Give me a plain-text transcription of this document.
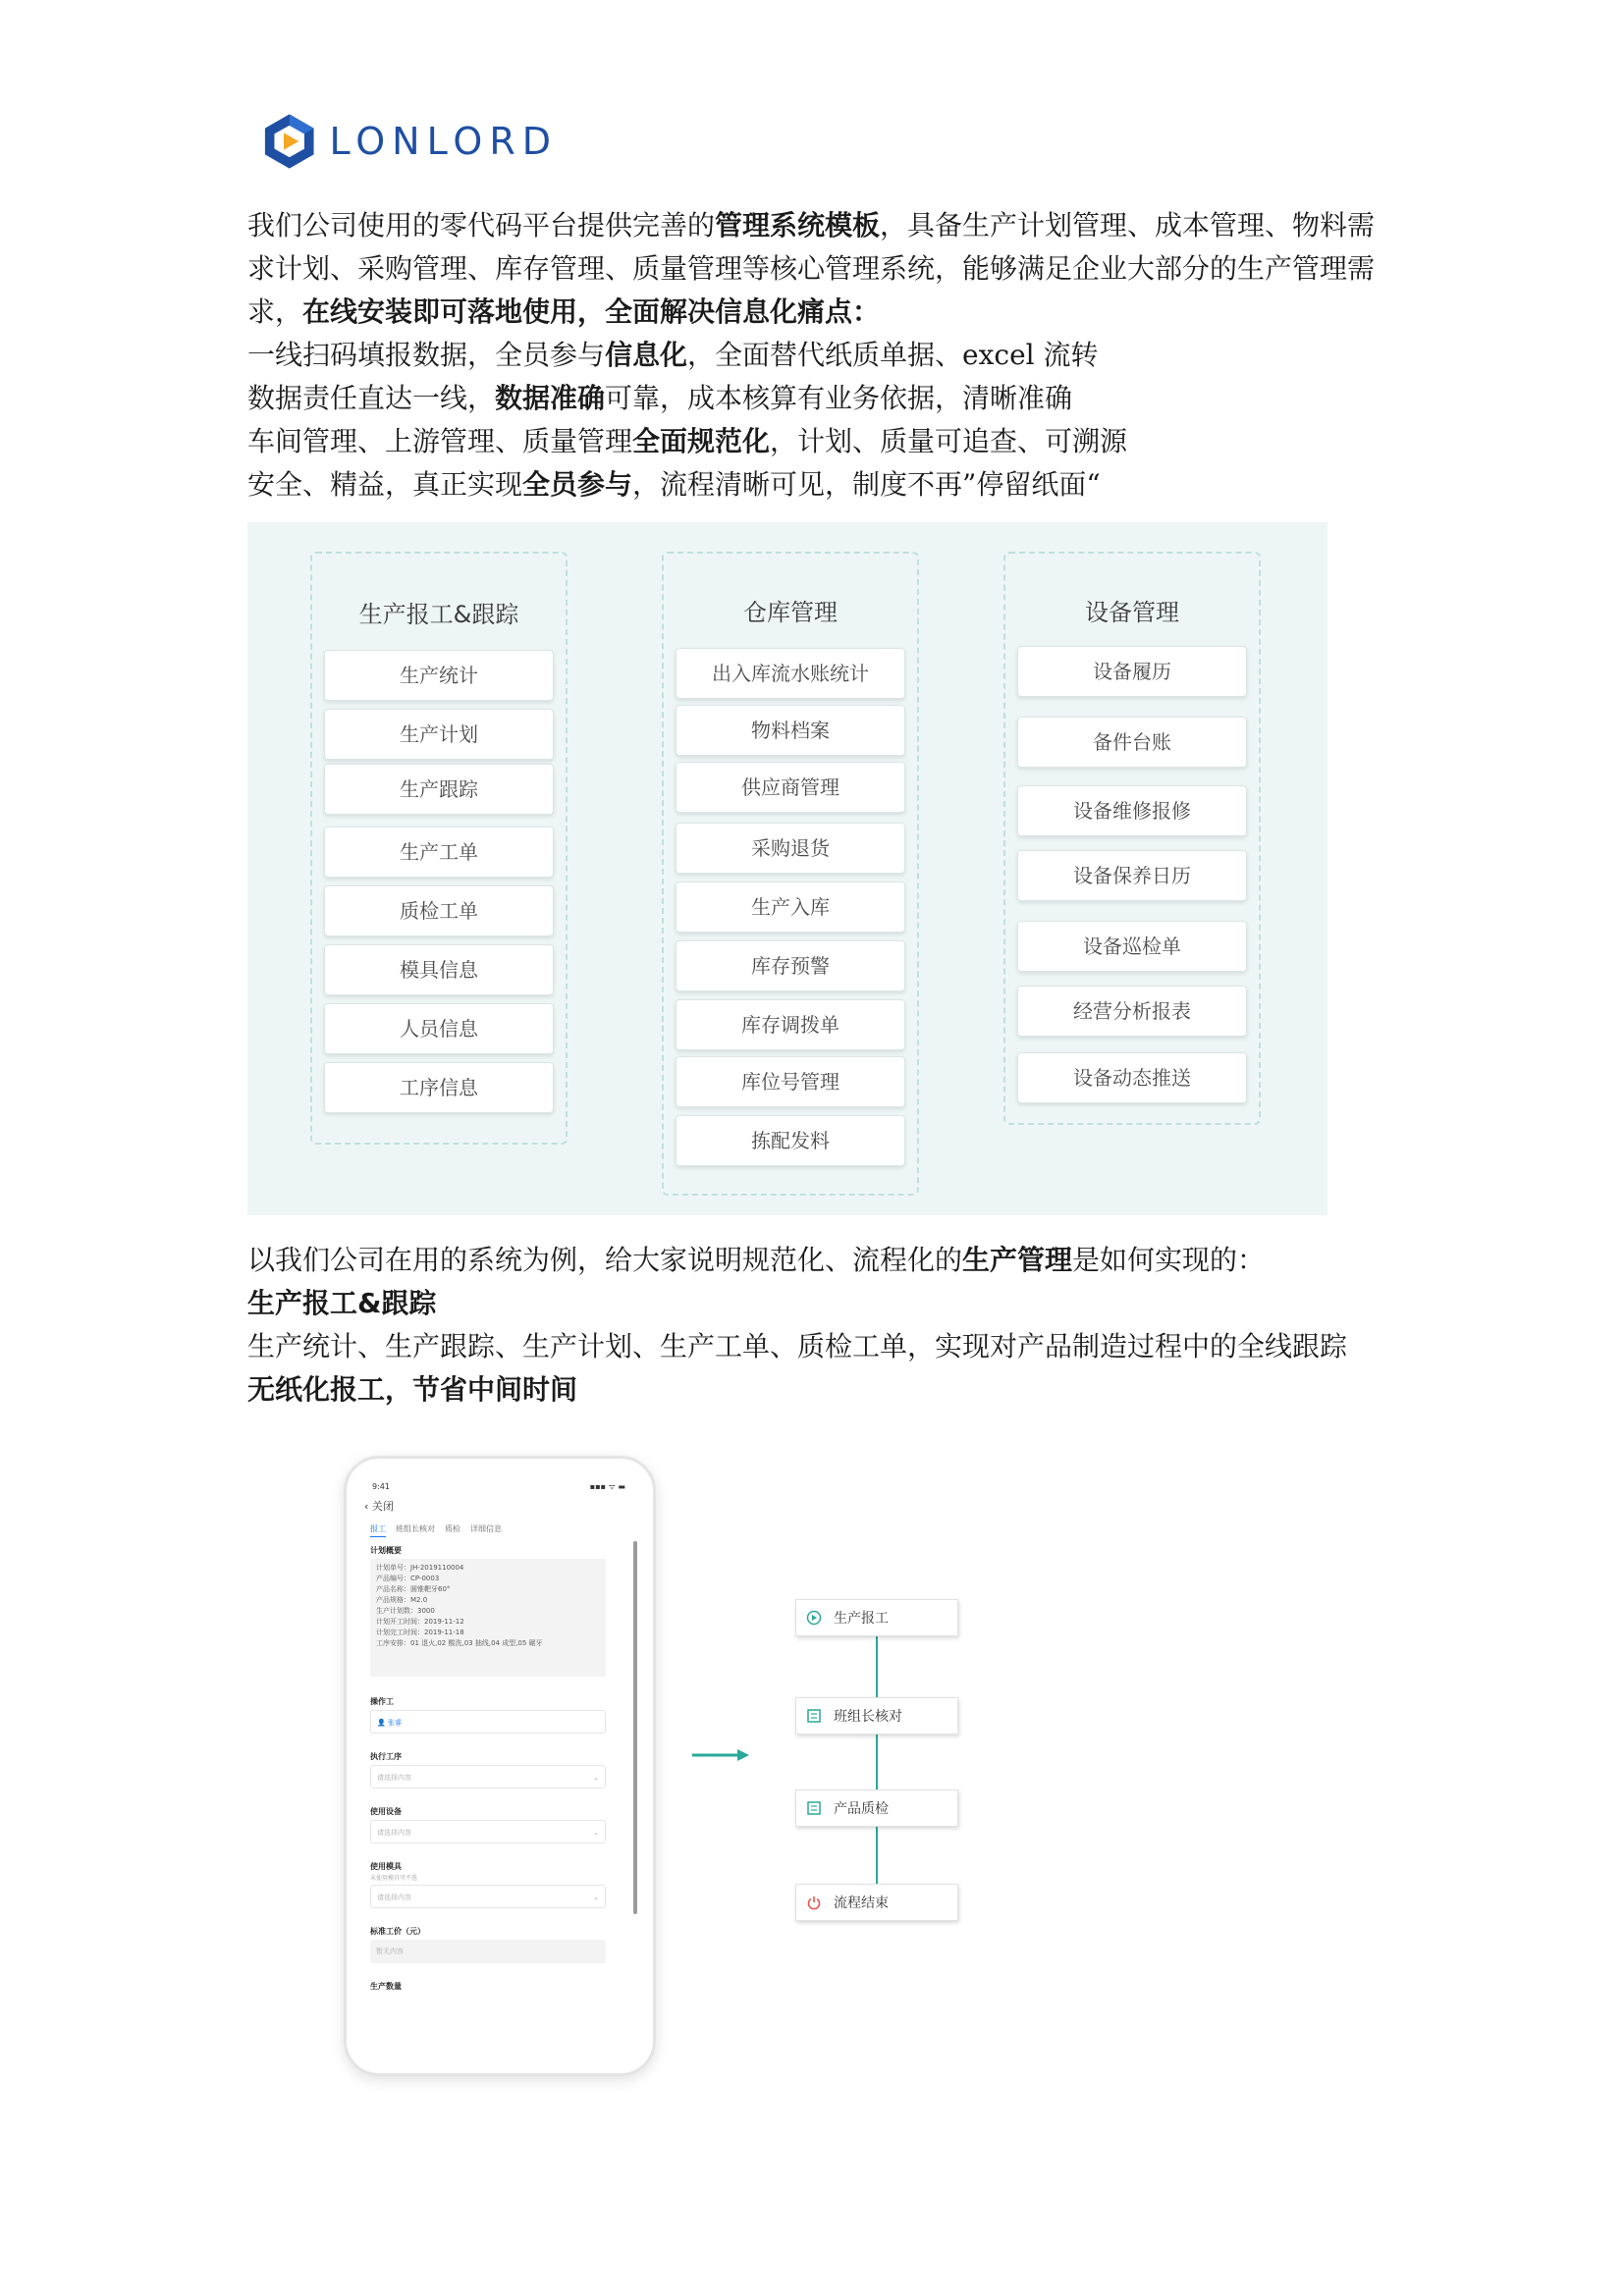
LONLORD
我们公司使用的零代码平台提供完善的管理系统模板，具备生产计划管理、成本管理、物料需求计划、采购管理、库存管理、质量管理等核心管理系统，能够满足企业大部分的生产管理需求，在线安装即可落地使用，全面解决信息化痛点：
一线扫码填报数据，全员参与信息化，全面替代纸质单据、excel 流转
数据责任直达一线，数据准确可靠，成本核算有业务依据，清晰准确
车间管理、上游管理、质量管理全面规范化，计划、质量可追查、可溯源
安全、精益，真正实现全员参与，流程清晰可见，制度不再”停留纸面“
生产报工&跟踪
生产统计
生产计划
生产跟踪
生产工单
质检工单
模具信息
人员信息
工序信息
仓库管理
出入库流水账统计
物料档案
供应商管理
采购退货
生产入库
库存预警
库存调拨单
库位号管理
拣配发料
设备管理
设备履历
备件台账
设备维修报修
设备保养日历
设备巡检单
经营分析报表
设备动态推送
以我们公司在用的系统为例，给大家说明规范化、流程化的生产管理是如何实现的：
生产报工&跟踪
生产统计、生产跟踪、生产计划、生产工单、质检工单，实现对产品制造过程中的全线跟踪
无纸化报工，节省中间时间
9:41	▪▪▪ ᯤ ▬
‹ 关闭
报工 班组长核对 质检 详细信息
计划概要
计划单号：JH-2019110004
产品编号：CP-0003
产品名称：圆锥靶牙60°
产品规格：M2.0
生产计划数：3000
计划开工时间：2019-11-12
计划完工时间：2019-11-18
工序安排：01 退火,02 酸洗,03 抽线,04 成型,05 碾牙
操作工
👤 张睿
执行工序
请选择内容	⌄
使用设备
请选择内容	⌄
使用模具
未使用模具可不选
请选择内容	⌄
标准工价（元）
暂无内容
生产数量
生产报工
班组长核对
产品质检
流程结束
